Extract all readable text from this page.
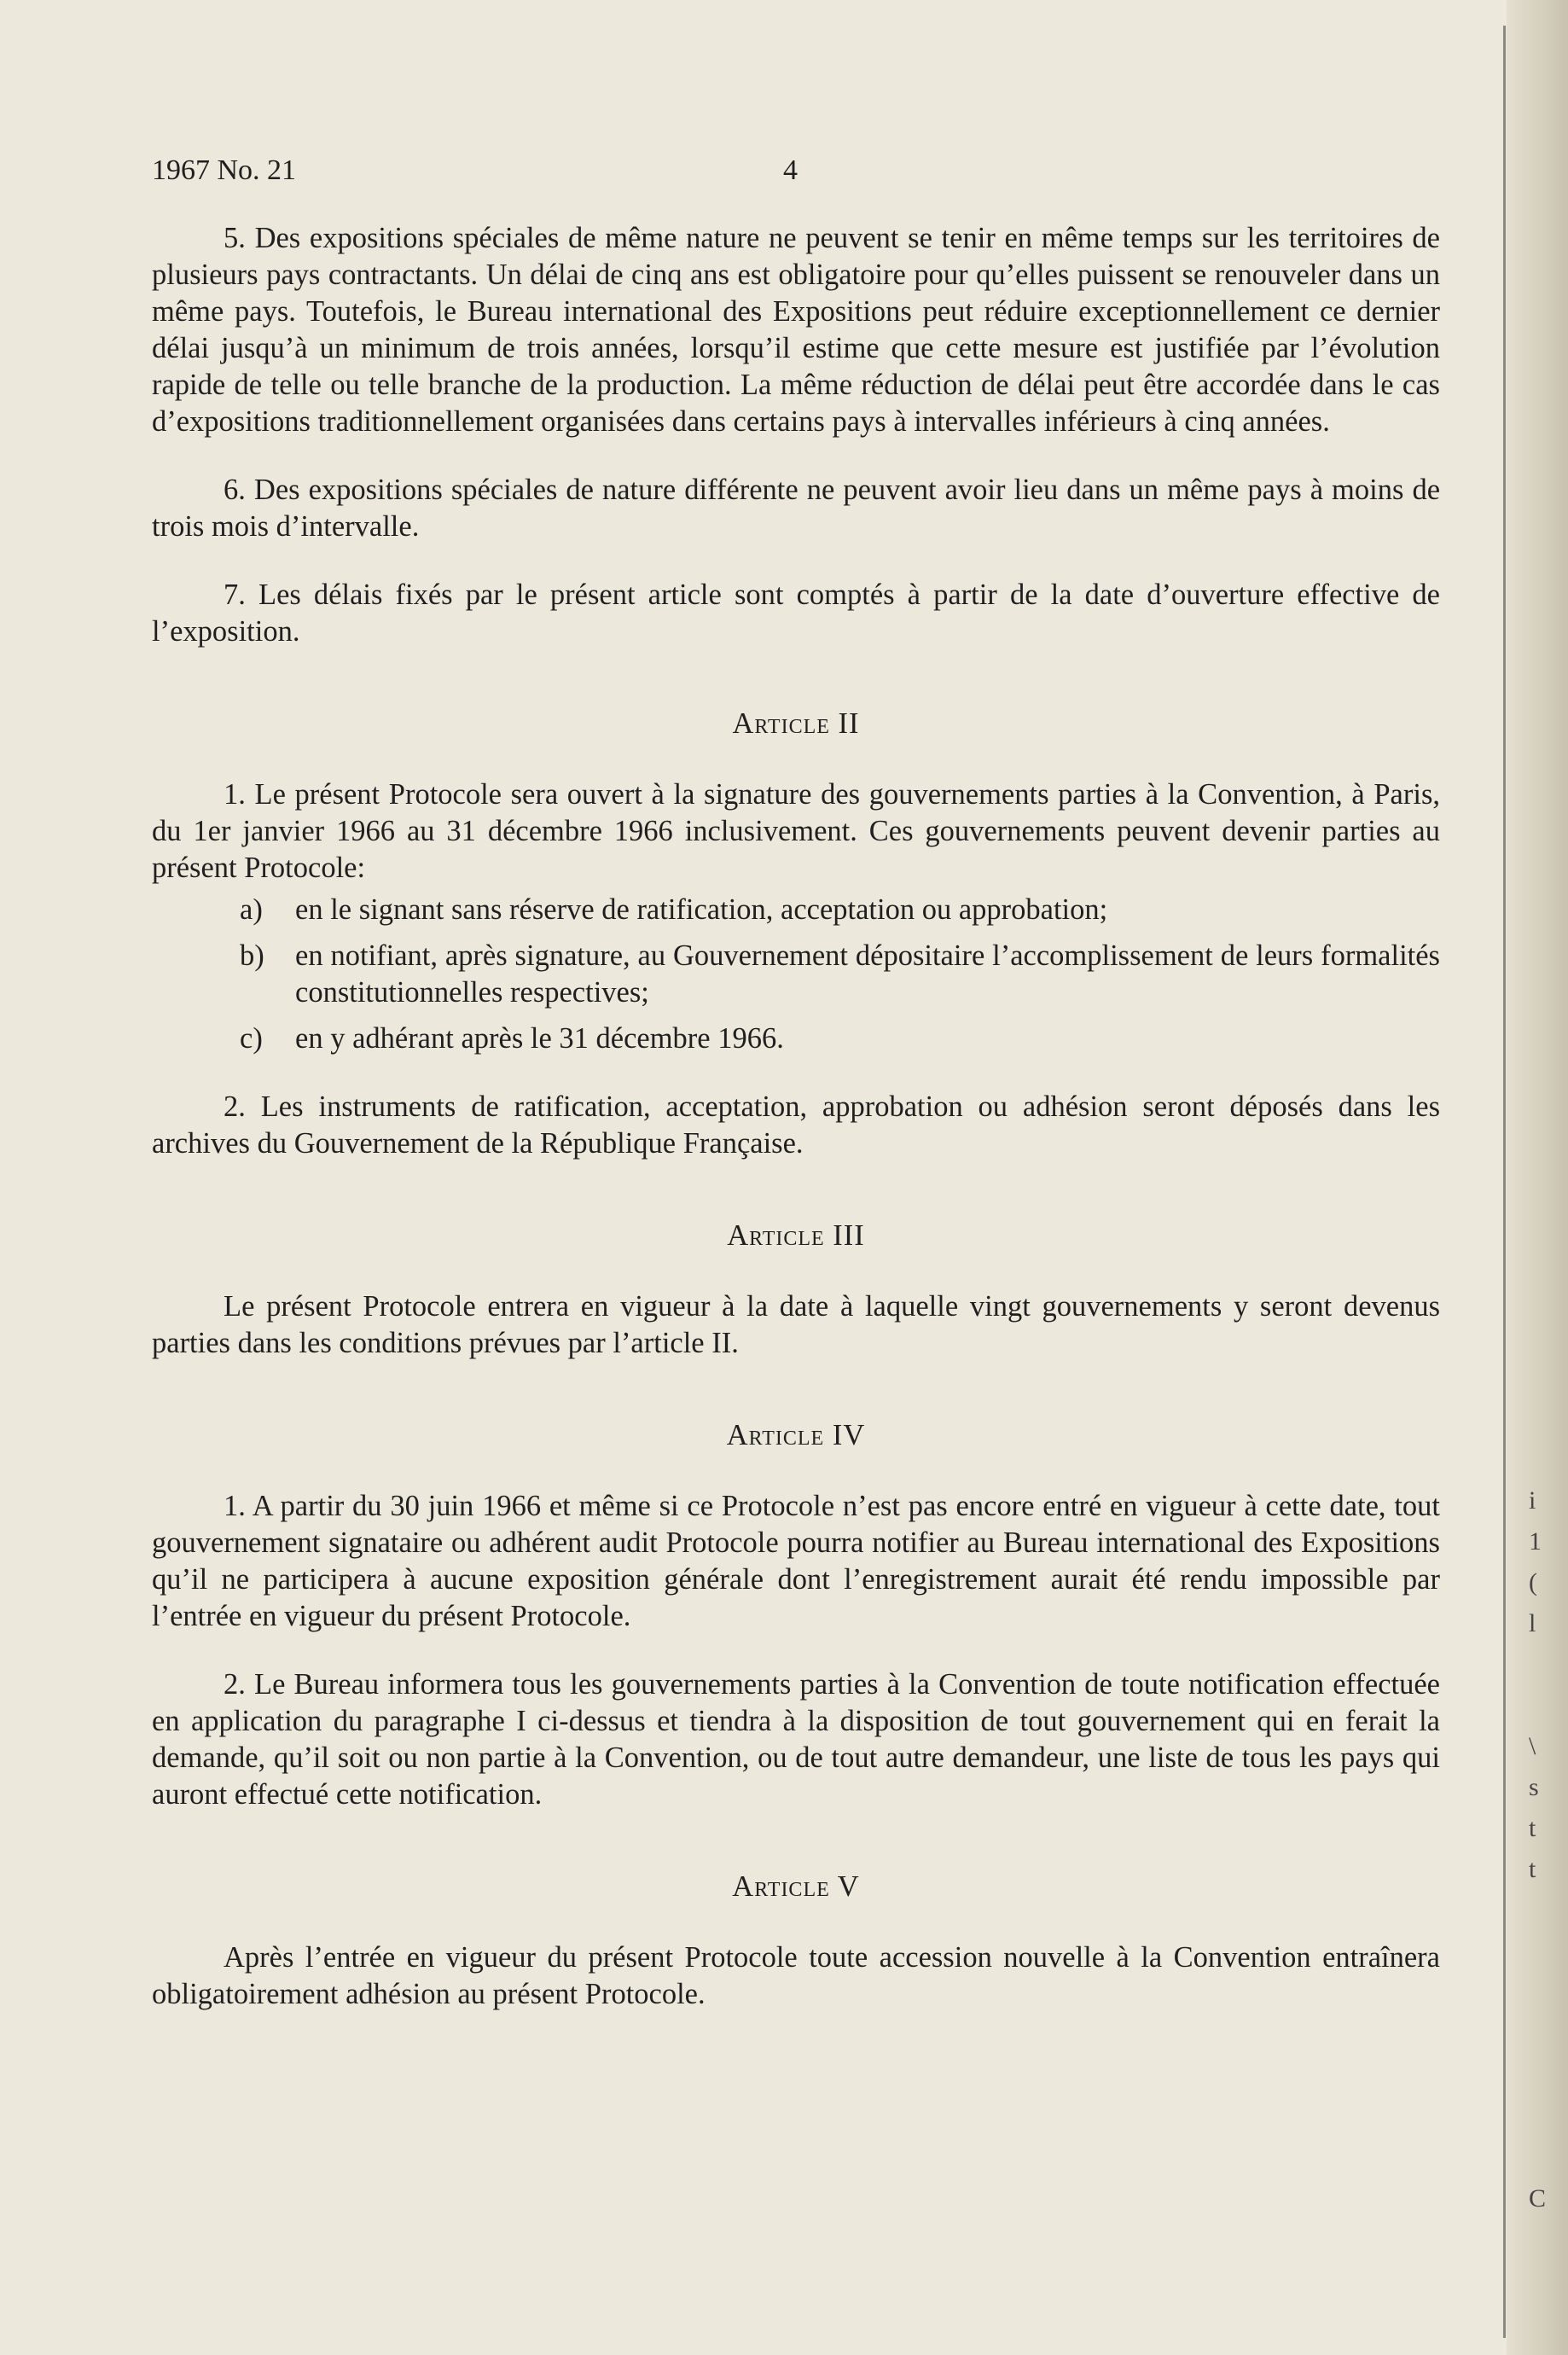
i
1
(
l
\
s
t
t
C
1967 No. 21	4

5. Des expositions spéciales de même nature ne peuvent se tenir en même temps sur les territoires de plusieurs pays contractants. Un délai de cinq ans est obligatoire pour qu’elles puissent se renouveler dans un même pays. Toutefois, le Bureau international des Expositions peut réduire exceptionnellement ce dernier délai jusqu’à un minimum de trois années, lorsqu’il estime que cette mesure est justifiée par l’évolution rapide de telle ou telle branche de la production. La même réduction de délai peut être accordée dans le cas d’expositions traditionnellement organisées dans certains pays à intervalles inférieurs à cinq années.

6. Des expositions spéciales de nature différente ne peuvent avoir lieu dans un même pays à moins de trois mois d’intervalle.

7. Les délais fixés par le présent article sont comptés à partir de la date d’ouverture effective de l’exposition.

Article II

1. Le présent Protocole sera ouvert à la signature des gouvernements parties à la Convention, à Paris, du 1er janvier 1966 au 31 décembre 1966 inclusivement. Ces gouvernements peuvent devenir parties au présent Protocole:

a) en le signant sans réserve de ratification, acceptation ou approbation;
b) en notifiant, après signature, au Gouvernement dépositaire l’accomplissement de leurs formalités constitutionnelles respectives;
c) en y adhérant après le 31 décembre 1966.

2. Les instruments de ratification, acceptation, approbation ou adhésion seront déposés dans les archives du Gouvernement de la République Française.

Article III

Le présent Protocole entrera en vigueur à la date à laquelle vingt gouvernements y seront devenus parties dans les conditions prévues par l’article II.

Article IV

1. A partir du 30 juin 1966 et même si ce Protocole n’est pas encore entré en vigueur à cette date, tout gouvernement signataire ou adhérent audit Protocole pourra notifier au Bureau international des Expositions qu’il ne participera à aucune exposition générale dont l’enregistrement aurait été rendu impossible par l’entrée en vigueur du présent Protocole.

2. Le Bureau informera tous les gouvernements parties à la Convention de toute notification effectuée en application du paragraphe I ci-dessus et tiendra à la disposition de tout gouvernement qui en ferait la demande, qu’il soit ou non partie à la Convention, ou de tout autre demandeur, une liste de tous les pays qui auront effectué cette notification.

Article V

Après l’entrée en vigueur du présent Protocole toute accession nouvelle à la Convention entraînera obligatoirement adhésion au présent Protocole.
